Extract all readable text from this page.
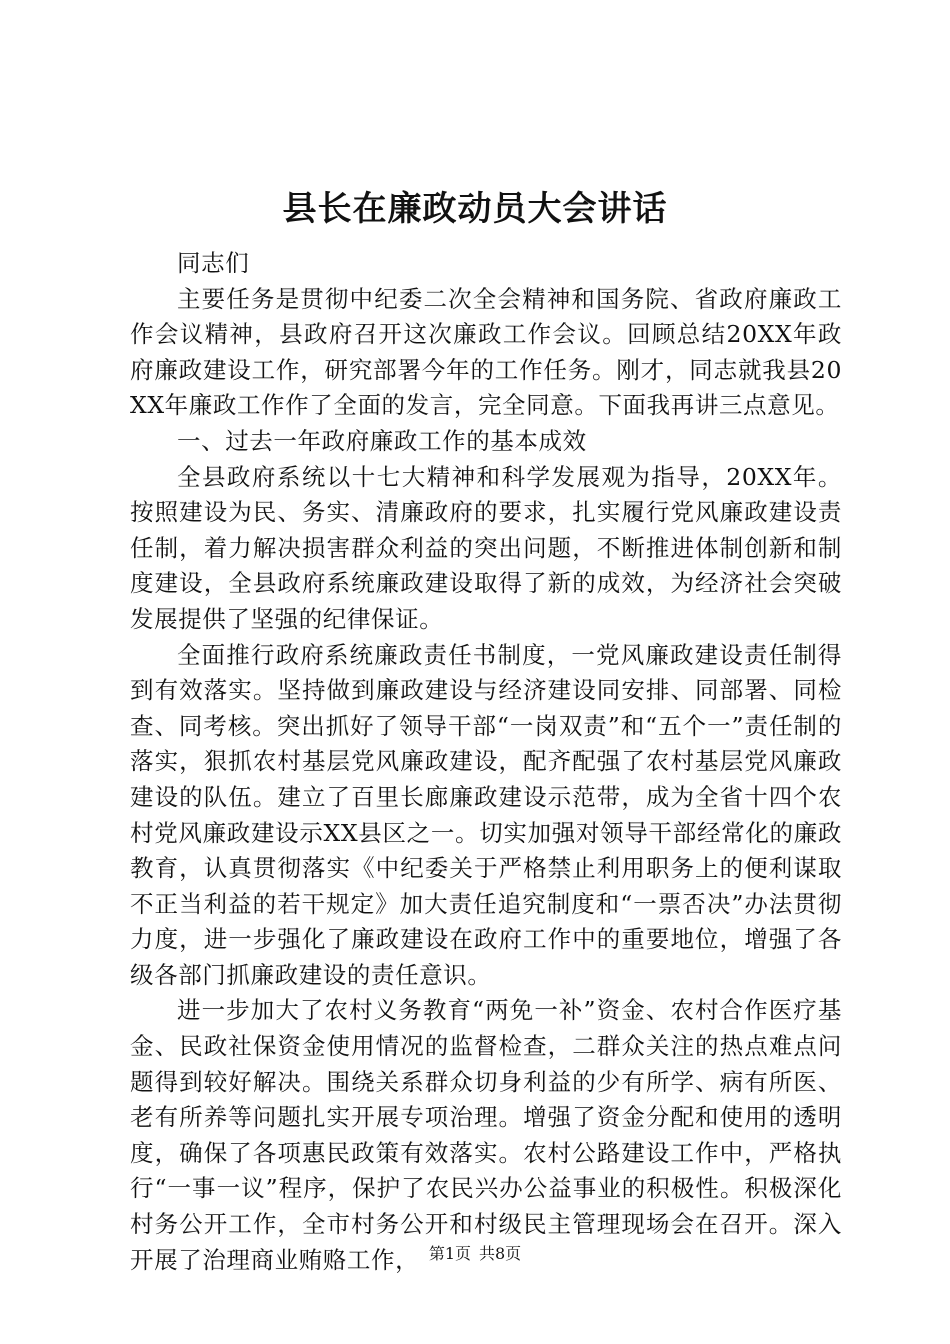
县长在廉政动员大会讲话

同志们

主要任务是贯彻中纪委二次全会精神和国务院、省政府廉政工作会议精神，县政府召开这次廉政工作会议。回顾总结20XX年政府廉政建设工作，研究部署今年的工作任务。刚才，同志就我县20XX年廉政工作作了全面的发言，完全同意。下面我再讲三点意见。

一、过去一年政府廉政工作的基本成效

全县政府系统以十七大精神和科学发展观为指导，20XX年。按照建设为民、务实、清廉政府的要求，扎实履行党风廉政建设责任制，着力解决损害群众利益的突出问题，不断推进体制创新和制度建设，全县政府系统廉政建设取得了新的成效，为经济社会突破发展提供了坚强的纪律保证。

全面推行政府系统廉政责任书制度，一党风廉政建设责任制得到有效落实。坚持做到廉政建设与经济建设同安排、同部署、同检查、同考核。突出抓好了领导干部“一岗双责”和“五个一”责任制的落实，狠抓农村基层党风廉政建设，配齐配强了农村基层党风廉政建设的队伍。建立了百里长廊廉政建设示范带，成为全省十四个农村党风廉政建设示XX县区之一。切实加强对领导干部经常化的廉政教育，认真贯彻落实《中纪委关于严格禁止利用职务上的便利谋取不正当利益的若干规定》加大责任追究制度和“一票否决”办法贯彻力度，进一步强化了廉政建设在政府工作中的重要地位，增强了各级各部门抓廉政建设的责任意识。

进一步加大了农村义务教育“两免一补”资金、农村合作医疗基金、民政社保资金使用情况的监督检查，二群众关注的热点难点问题得到较好解决。围绕关系群众切身利益的少有所学、病有所医、老有所养等问题扎实开展专项治理。增强了资金分配和使用的透明度，确保了各项惠民政策有效落实。农村公路建设工作中，严格执行“一事一议”程序，保护了农民兴办公益事业的积极性。积极深化村务公开工作，全市村务公开和村级民主管理现场会在召开。深入开展了治理商业贿赂工作， 第1页 共8页
